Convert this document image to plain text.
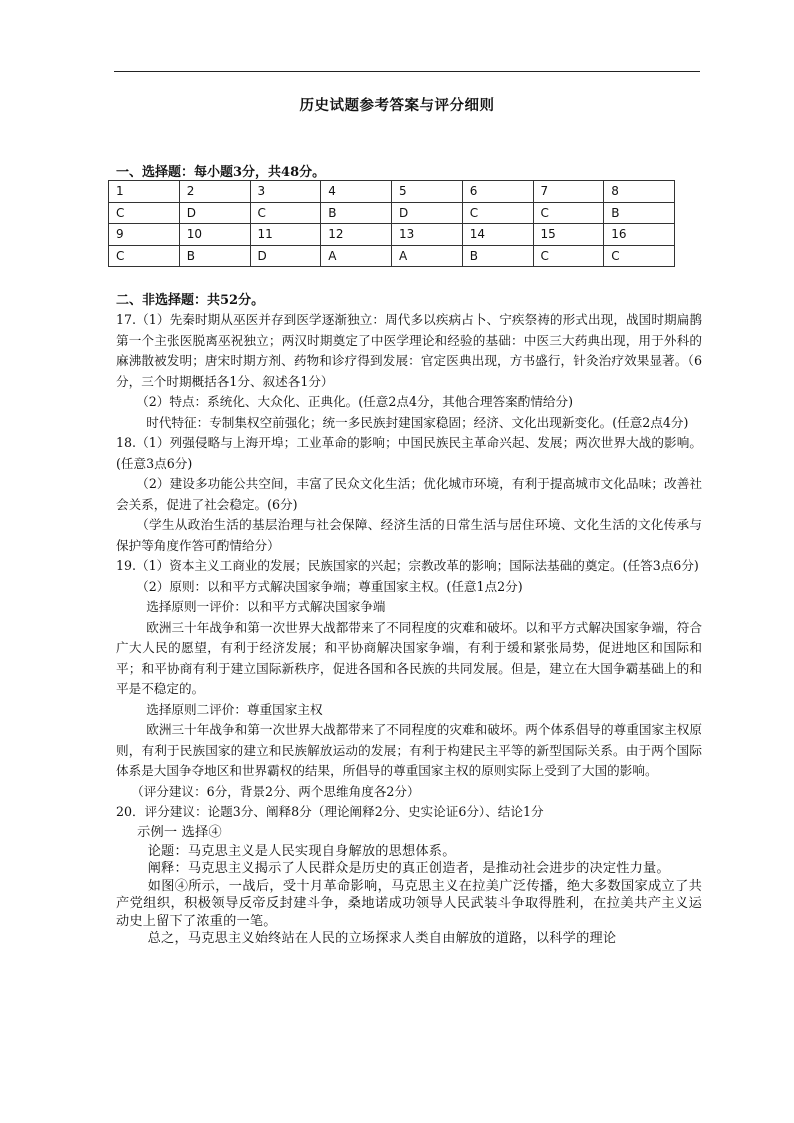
历史试题参考答案与评分细则
一、选择题：每小题3分，共48分。
1	2	3	4	5	6	7	8
C	D	C	B	D	C	C	B
9	10	11	12	13	14	15	16
C	B	D	A	A	B	C	C
二、非选择题：共52分。

17.（1）先秦时期从巫医并存到医学逐渐独立：周代多以疾病占卜、宁疾祭祷的形式出现，战国时期扁鹊第一个主张医脱离巫祝独立；两汉时期奠定了中医学理论和经验的基础：中医三大药典出现，用于外科的麻沸散被发明；唐宋时期方剂、药物和诊疗得到发展：官定医典出现，方书盛行，针灸治疗效果显著。（6分，三个时期概括各1分、叙述各1分）

（2）特点：系统化、大众化、正典化。(任意2点4分，其他合理答案酌情给分)

时代特征：专制集权空前强化；统一多民族封建国家稳固；经济、文化出现新变化。(任意2点4分)

18.（1）列强侵略与上海开埠；工业革命的影响；中国民族民主革命兴起、发展；两次世界大战的影响。(任意3点6分)

（2）建设多功能公共空间，丰富了民众文化生活；优化城市环境，有利于提高城市文化品味；改善社会关系，促进了社会稳定。(6分)

（学生从政治生活的基层治理与社会保障、经济生活的日常生活与居住环境、文化生活的文化传承与保护等角度作答可酌情给分）

19.（1）资本主义工商业的发展；民族国家的兴起；宗教改革的影响；国际法基础的奠定。(任答3点6分)

（2）原则：以和平方式解决国家争端；尊重国家主权。(任意1点2分)

选择原则一评价：以和平方式解决国家争端

欧洲三十年战争和第一次世界大战都带来了不同程度的灾难和破坏。以和平方式解决国家争端，符合广大人民的愿望，有利于经济发展；和平协商解决国家争端，有利于缓和紧张局势，促进地区和国际和平；和平协商有利于建立国际新秩序，促进各国和各民族的共同发展。但是，建立在大国争霸基础上的和平是不稳定的。

选择原则二评价：尊重国家主权

欧洲三十年战争和第一次世界大战都带来了不同程度的灾难和破坏。两个体系倡导的尊重国家主权原则，有利于民族国家的建立和民族解放运动的发展；有利于构建民主平等的新型国际关系。由于两个国际体系是大国争夺地区和世界霸权的结果，所倡导的尊重国家主权的原则实际上受到了大国的影响。

（评分建议：6分，背景2分、两个思维角度各2分）

20．评分建议：论题3分、阐释8分（理论阐释2分、史实论证6分）、结论1分

示例一 选择④

论题：马克思主义是人民实现自身解放的思想体系。

阐释：马克思主义揭示了人民群众是历史的真正创造者，是推动社会进步的决定性力量。

如图④所示，一战后，受十月革命影响，马克思主义在拉美广泛传播，绝大多数国家成立了共产党组织，积极领导反帝反封建斗争，桑地诺成功领导人民武装斗争取得胜利，在拉美共产主义运动史上留下了浓重的一笔。

总之，马克思主义始终站在人民的立场探求人类自由解放的道路，以科学的理论
